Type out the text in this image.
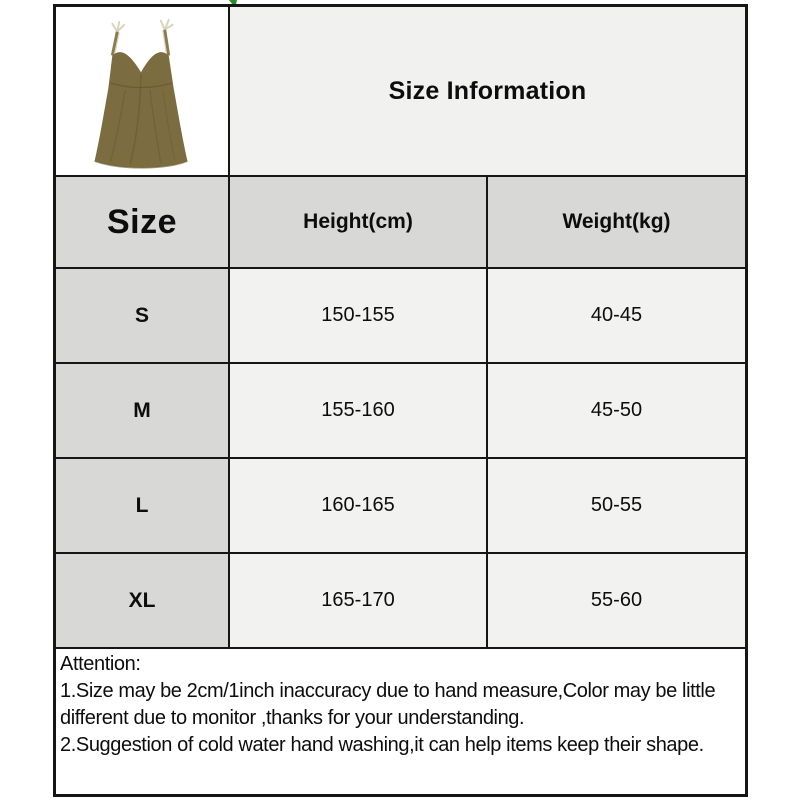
Size Information
Size	Height(cm)	Weight(kg)
S	150-155	40-45
M	155-160	45-50
L	160-165	50-55
XL	165-170	55-60

Attention:

1.Size may be 2cm/1inch inaccuracy due to hand measure,Color may be little different due to monitor ,thanks for your understanding.

2.Suggestion of cold water hand washing,it can help items keep their shape.
